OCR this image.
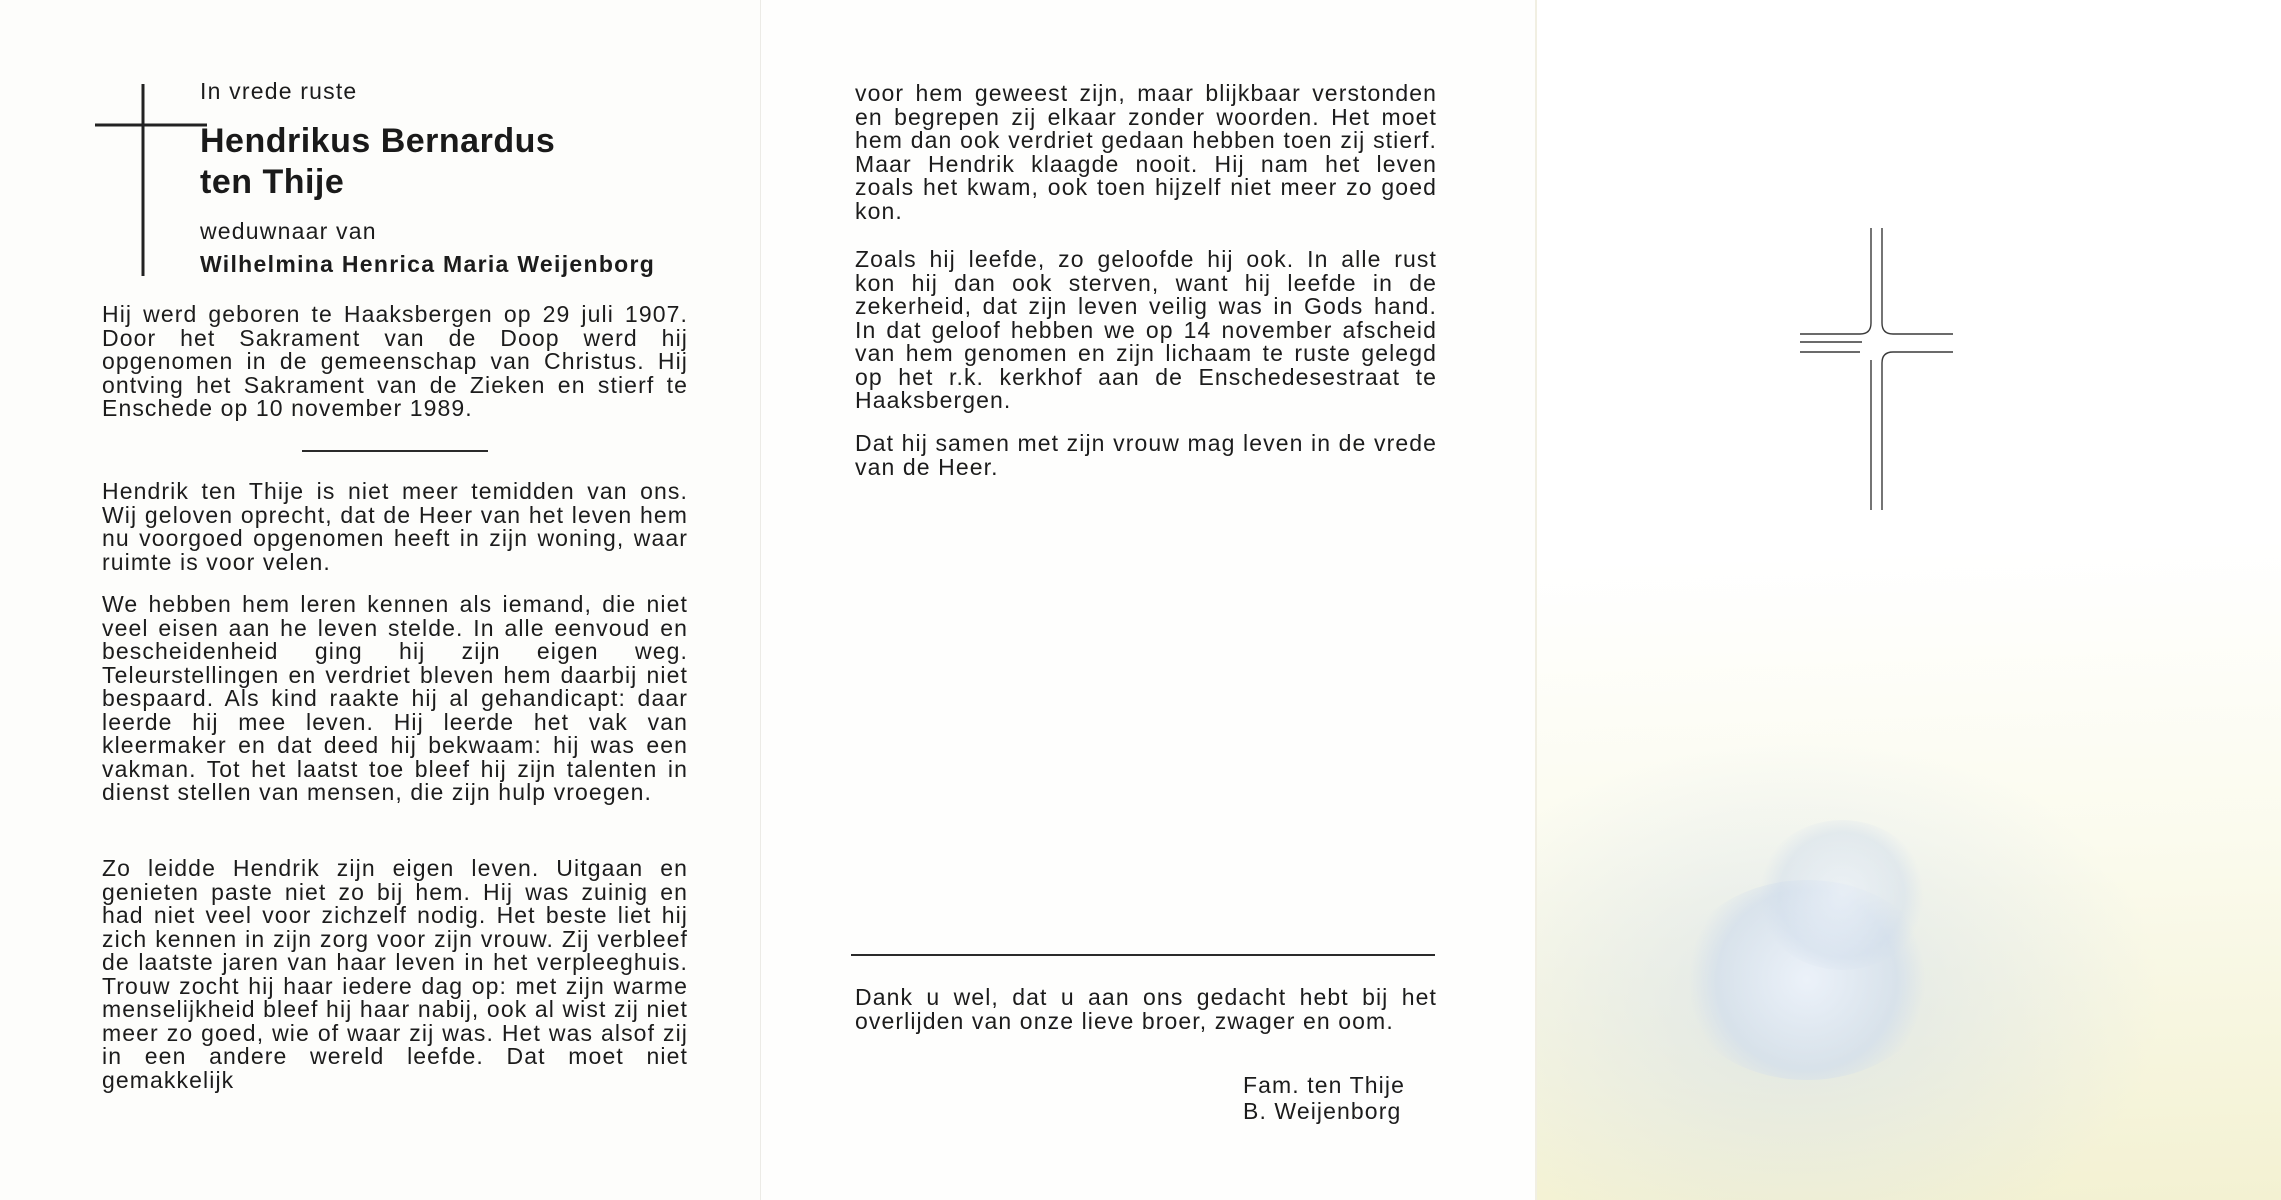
In vrede ruste

Hendrikus Bernardus

ten Thije

weduwnaar van

Wilhelmina Henrica Maria Weijenborg

Hij werd geboren te Haaksbergen op 29 juli 1907. Door het Sakrament van de Doop werd hij opgenomen in de gemeenschap van Christus. Hij ontving het Sakrament van de Zieken en stierf te Enschede op 10 november 1989.

Hendrik ten Thije is niet meer temidden van ons. Wij geloven oprecht, dat de Heer van het leven hem nu voorgoed opgenomen heeft in zijn woning, waar ruimte is voor velen.

We hebben hem leren kennen als iemand, die niet veel eisen aan he leven stelde. In alle eenvoud en bescheidenheid ging hij zijn eigen weg. Teleurstellingen en verdriet bleven hem daarbij niet bespaard. Als kind raakte hij al gehandicapt: daar leerde hij mee leven. Hij leerde het vak van kleermaker en dat deed hij bekwaam: hij was een vakman. Tot het laatst toe bleef hij zijn talenten in dienst stellen van mensen, die zijn hulp vroegen.

Zo leidde Hendrik zijn eigen leven. Uitgaan en genieten paste niet zo bij hem. Hij was zuinig en had niet veel voor zichzelf nodig. Het beste liet hij zich kennen in zijn zorg voor zijn vrouw. Zij verbleef de laatste jaren van haar leven in het verpleeghuis. Trouw zocht hij haar iedere dag op: met zijn warme menselijkheid bleef hij haar nabij, ook al wist zij niet meer zo goed, wie of waar zij was. Het was alsof zij in een andere wereld leefde. Dat moet niet gemakkelijk

voor hem geweest zijn, maar blijkbaar verstonden en begrepen zij elkaar zonder woorden. Het moet hem dan ook verdriet gedaan hebben toen zij stierf. Maar Hendrik klaagde nooit. Hij nam het leven zoals het kwam, ook toen hijzelf niet meer zo goed kon.

Zoals hij leefde, zo geloofde hij ook. In alle rust kon hij dan ook sterven, want hij leefde in de zekerheid, dat zijn leven veilig was in Gods hand. In dat geloof hebben we op 14 november afscheid van hem genomen en zijn lichaam te ruste gelegd op het r.k. kerkhof aan de Enschedesestraat te Haaksbergen.

Dat hij samen met zijn vrouw mag leven in de vrede van de Heer.

Dank u wel, dat u aan ons gedacht hebt bij het overlijden van onze lieve broer, zwager en oom.

Fam. ten Thije

B. Weijenborg
